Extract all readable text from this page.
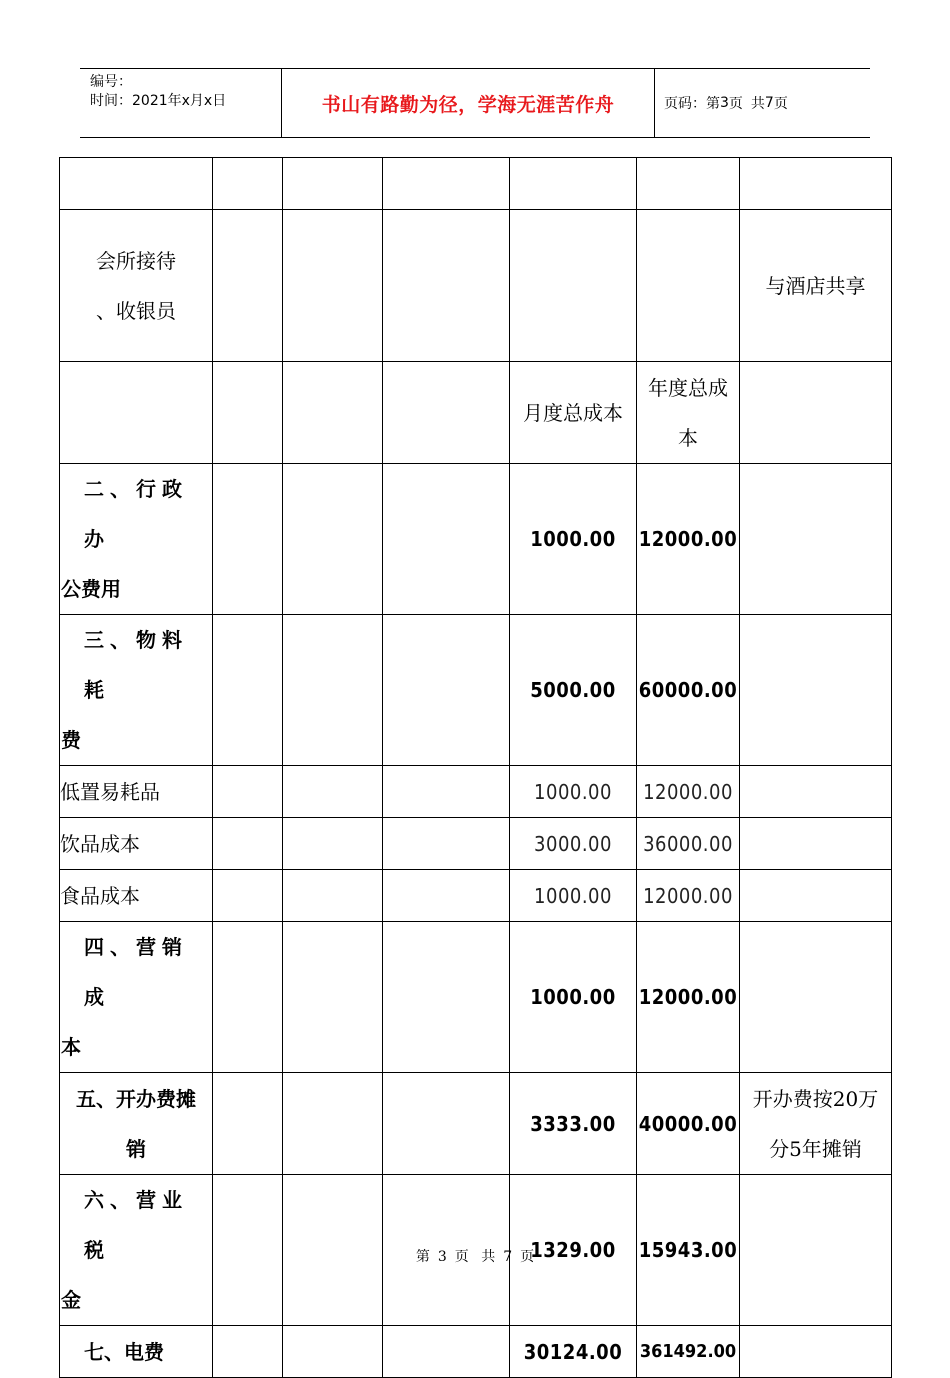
编号：
时间：2021年x月x日	书山有路勤为径，学海无涯苦作舟	页码：第 3 页 共 7 页

会所接待
、收银员						与酒店共享
				月度总成本	年度总成
本	

二、行政办
公费用				1000.00	12000.00	

三、物料耗
费				5000.00	60000.00	
低置易耗品				1000.00	12000.00	
饮品成本				3000.00	36000.00	
食品成本				1000.00	12000.00	

四、营销成
本				1000.00	12000.00	

五、开办费摊
销				3333.00	40000.00	开办费按20万
分5年摊销

六、营业税
金				1329.00	15943.00	
七、电费				30124.00	361492.00	
第 3 页 共 7 页
